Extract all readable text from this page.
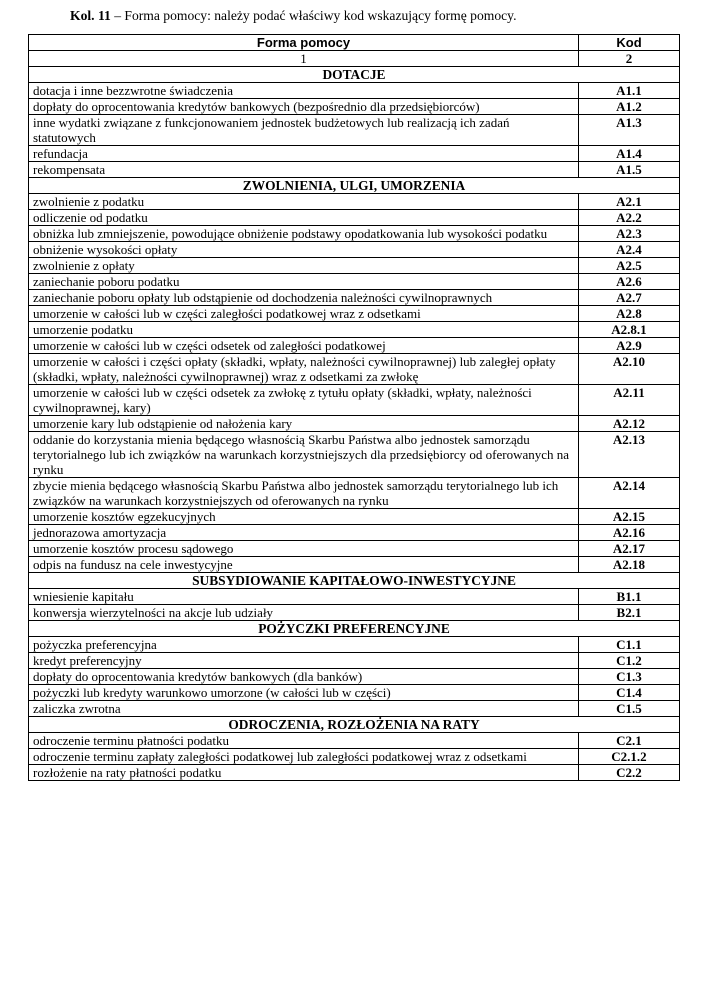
Kol. 11 – Forma pomocy: należy podać właściwy kod wskazujący formę pomocy.
Forma pomocy	Kod
1	2
DOTACJE	
dotacja i inne bezzwrotne świadczenia	A1.1
dopłaty do oprocentowania kredytów bankowych (bezpośrednio dla przedsiębiorców)	A1.2
inne wydatki związane z funkcjonowaniem jednostek budżetowych lub realizacją ich zadań statutowych	A1.3
refundacja	A1.4
rekompensata	A1.5
ZWOLNIENIA, ULGI, UMORZENIA	
zwolnienie z podatku	A2.1
odliczenie od podatku	A2.2
obniżka lub zmniejszenie, powodujące obniżenie podstawy opodatkowania lub wysokości podatku	A2.3
obniżenie wysokości opłaty	A2.4
zwolnienie z opłaty	A2.5
zaniechanie poboru podatku	A2.6
zaniechanie poboru opłaty lub odstąpienie od dochodzenia należności cywilnoprawnych	A2.7
umorzenie w całości lub w części zaległości podatkowej wraz z odsetkami	A2.8
umorzenie podatku	A2.8.1
umorzenie w całości lub w części odsetek od zaległości podatkowej	A2.9
umorzenie w całości i części opłaty (składki, wpłaty, należności cywilnoprawnej) lub zaległej opłaty (składki, wpłaty, należności cywilnoprawnej) wraz z odsetkami za zwłokę	A2.10
umorzenie w całości lub w części odsetek za zwłokę z tytułu opłaty (składki, wpłaty, należności cywilnoprawnej, kary)	A2.11
umorzenie kary lub odstąpienie od nałożenia kary	A2.12
oddanie do korzystania mienia będącego własnością Skarbu Państwa albo jednostek samorządu terytorialnego lub ich związków na warunkach korzystniejszych dla przedsiębiorcy od oferowanych na rynku	A2.13
zbycie mienia będącego własnością Skarbu Państwa albo jednostek samorządu terytorialnego lub ich związków na warunkach korzystniejszych od oferowanych na rynku	A2.14
umorzenie kosztów egzekucyjnych	A2.15
jednorazowa amortyzacja	A2.16
umorzenie kosztów procesu sądowego	A2.17
odpis na fundusz na cele inwestycyjne	A2.18
SUBSYDIOWANIE KAPITAŁOWO-INWESTYCYJNE	
wniesienie kapitału	B1.1
konwersja wierzytelności na akcje lub udziały	B2.1
POŻYCZKI PREFERENCYJNE	
pożyczka preferencyjna	C1.1
kredyt preferencyjny	C1.2
dopłaty do oprocentowania kredytów bankowych (dla banków)	C1.3
pożyczki lub kredyty warunkowo umorzone (w całości lub w części)	C1.4
zaliczka zwrotna	C1.5
ODROCZENIA, ROZŁOŻENIA NA RATY	
odroczenie terminu płatności podatku	C2.1
odroczenie terminu zapłaty zaległości podatkowej lub zaległości podatkowej wraz z odsetkami	C2.1.2
rozłożenie na raty płatności podatku	C2.2
